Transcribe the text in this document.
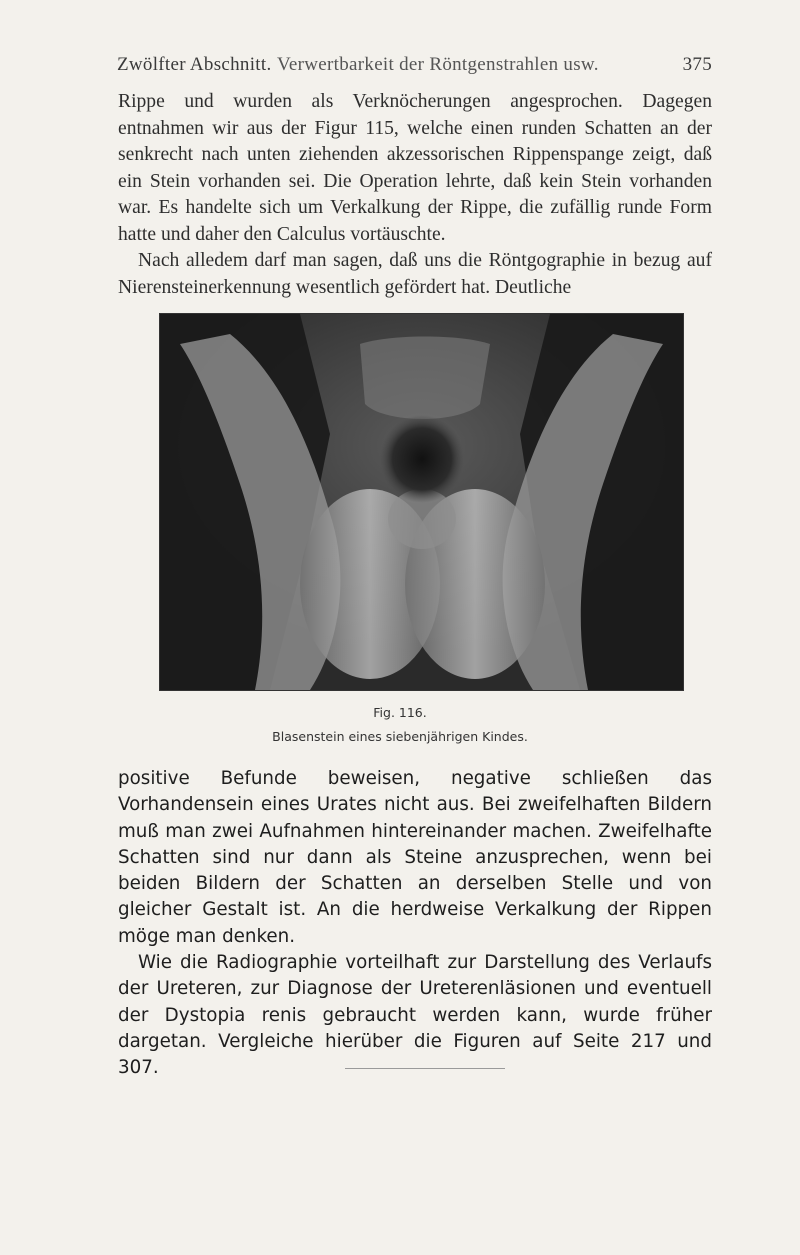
Zwölfter Abschnitt. Verwertbarkeit der Röntgenstrahlen usw.	375

Rippe und wurden als Verknöcherungen angesprochen. Dagegen entnahmen wir aus der Figur 115, welche einen runden Schatten an der senkrecht nach unten ziehenden akzessorischen Rippenspange zeigt, daß ein Stein vorhanden sei. Die Operation lehrte, daß kein Stein vorhanden war. Es handelte sich um Verkalkung der Rippe, die zufällig runde Form hatte und daher den Calculus vortäuschte.

Nach alledem darf man sagen, daß uns die Röntgographie in bezug auf Nierensteinerkennung wesentlich gefördert hat. Deutliche

Fig. 116.
Blasenstein eines siebenjährigen Kindes.

positive Befunde beweisen, negative schließen das Vorhandensein eines Urates nicht aus. Bei zweifelhaften Bildern muß man zwei Aufnahmen hintereinander machen. Zweifelhafte Schatten sind nur dann als Steine anzusprechen, wenn bei beiden Bildern der Schatten an derselben Stelle und von gleicher Gestalt ist. An die herdweise Verkalkung der Rippen möge man denken.

Wie die Radiographie vorteilhaft zur Darstellung des Verlaufs der Ureteren, zur Diagnose der Ureterenläsionen und eventuell der Dystopia renis gebraucht werden kann, wurde früher dargetan. Vergleiche hierüber die Figuren auf Seite 217 und 307.
